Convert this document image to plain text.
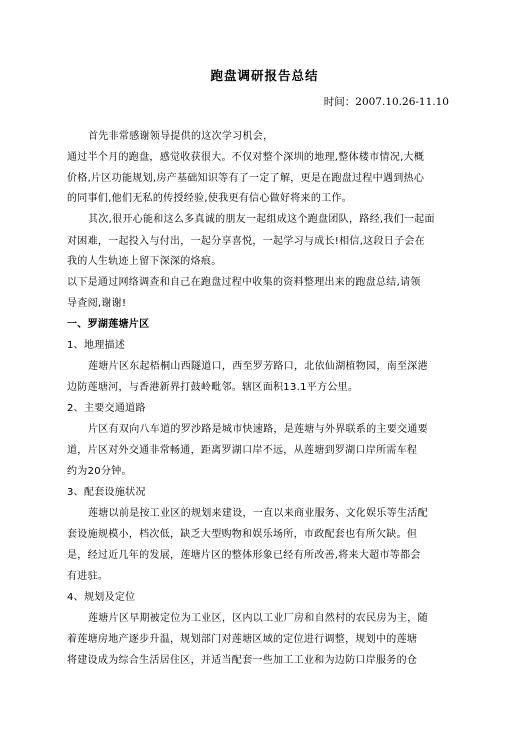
跑盘调研报告总结
时间：2007.10.26-11.10
首先非常感谢领导提供的这次学习机会，
通过半个月的跑盘，感觉收获很大。不仅对整个深圳的地理,整体楼市情况,大概
价格,片区功能规划,房产基础知识等有了一定了解，更是在跑盘过程中遇到热心
的同事们,他们无私的传授经验,使我更有信心做好将来的工作。
其次,很开心能和这么多真诚的朋友一起组成这个跑盘团队，路经,我们一起面
对困难，一起投入与付出，一起分享喜悦，一起学习与成长!相信,这段日子会在
我的人生轨迹上留下深深的烙痕。
以下是通过网络调查和自己在跑盘过程中收集的资料整理出来的跑盘总结,请领
导查阅,谢谢!
一、罗湖莲塘片区
1、地理描述
莲塘片区东起梧桐山西隧道口，西至罗芳路口，北依仙湖植物园，南至深港
边防莲塘河，与香港新界打鼓岭毗邻。辖区面积13.1平方公里。
2、主要交通道路
片区有双向八车道的罗沙路是城市快速路，是莲塘与外界联系的主要交通要
道，片区对外交通非常畅通，距离罗湖口岸不远，从莲塘到罗湖口岸所需车程
约为20分钟。
3、配套设施状况
莲塘以前是按工业区的规划来建设，一直以来商业服务、文化娱乐等生活配
套设施规模小，档次低，缺乏大型购物和娱乐场所，市政配套也有所欠缺。但
是，经过近几年的发展，莲塘片区的整体形象已经有所改善,将来大超市等都会
有进驻。
4、规划及定位
莲塘片区早期被定位为工业区，区内以工业厂房和自然村的农民房为主，随
着莲塘房地产逐步升温，规划部门对莲塘区域的定位进行调整，规划中的莲塘
将建设成为综合生活居住区，并适当配套一些加工工业和为边防口岸服务的仓
